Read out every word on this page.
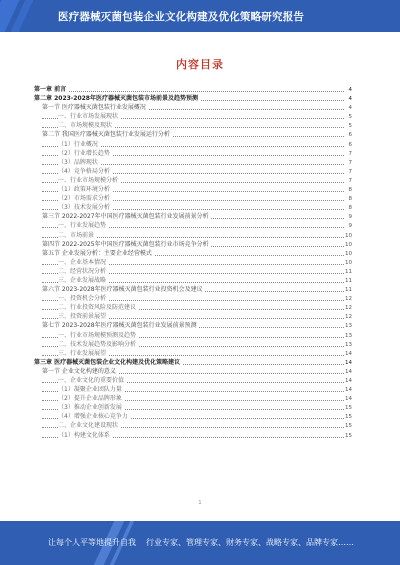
医疗器械灭菌包装企业文化构建及优化策略研究报告
内容目录
第一章 前言	4
第二章 2023-2028年医疗器械灭菌包装市场前景及趋势预测	4
第一节 医疗器械灭菌包装行业发展概况	4
一、行业市场发展现状	5
二、市场规模及现状	5
第二节 我国医疗器械灭菌包装行业发展运行分析	6
（1）行业概况	6
（2）行业增长趋势	7
（3）品牌现状	7
（4）竞争格局分析	7
一、行业市场规模分析	7
（1）政策环境分析	8
（2）市场需求分析	8
（3）技术发展分析	8
第三节 2022-2027年中国医疗器械灭菌包装行业发展前景分析	9
一、行业发展趋势	9
二、市场前景	10
第四节 2022-2025年中国医疗器械灭菌包装行业市场竞争分析	10
第五节 企业发展分析：主要企业经营模式	10
一、企业基本情况	10
二、经营状况分析	11
三、企业发展战略	11
第六节 2023-2028年医疗器械灭菌包装行业投资机会及建议	11
一、投资机会分析	12
二、行业投资风险及防范建议	12
三、投资前景展望	12
第七节 2023-2028年医疗器械灭菌包装行业发展前景预测	13
一、行业市场规模预测及趋势	13
二、技术发展趋势及影响分析	13
三、行业发展展望	14
第三章 医疗器械灭菌包装企业文化构建及优化策略建议	14
第一节 企业文化构建的意义	14
一、企业文化的重要价值	14
（1）凝聚企业团队力量	14
（2）提升企业品牌形象	14
（3）推动企业创新发展	15
（4）增强企业核心竞争力	15
二、企业文化建设现状	15
（1）构建文化体系	15
1
让每个人平等地提升自我 行业专家、管理专家、财务专家、战略专家、品牌专家……
